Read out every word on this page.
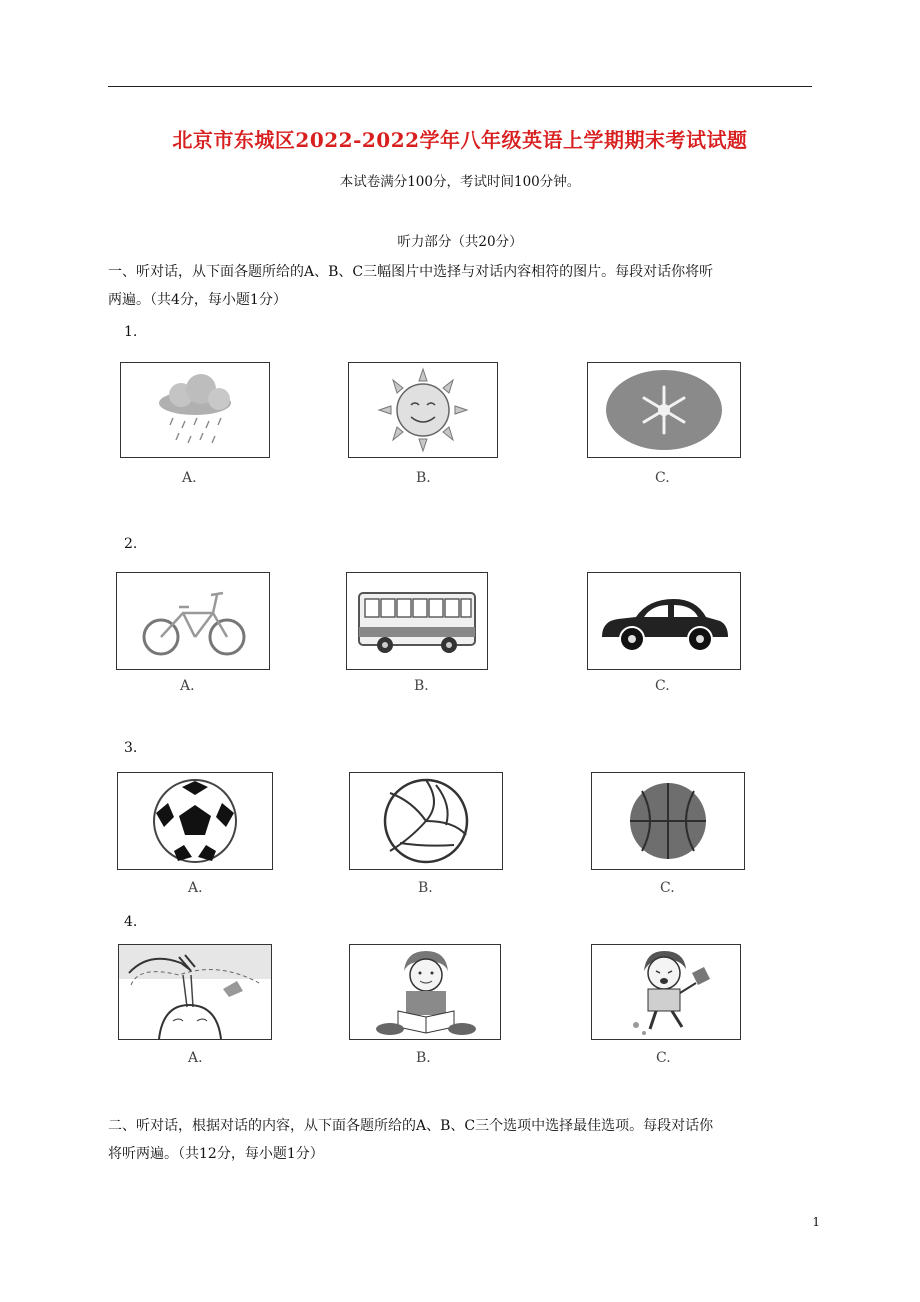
北京市东城区2022-2022学年八年级英语上学期期末考试试题
本试卷满分100分，考试时间100分钟。
听力部分（共20分）
一、听对话，从下面各题所给的A、B、C三幅图片中选择与对话内容相符的图片。每段对话你将听
两遍。（共4分，每小题1分）
1.
A.	B.	C.
2.
A.	B.	C.
3.
A.	B.	C.
4.
A.	B.	C.
二、听对话，根据对话的内容，从下面各题所给的A、B、C三个选项中选择最佳选项。每段对话你
将听两遍。（共12分，每小题1分）
1
